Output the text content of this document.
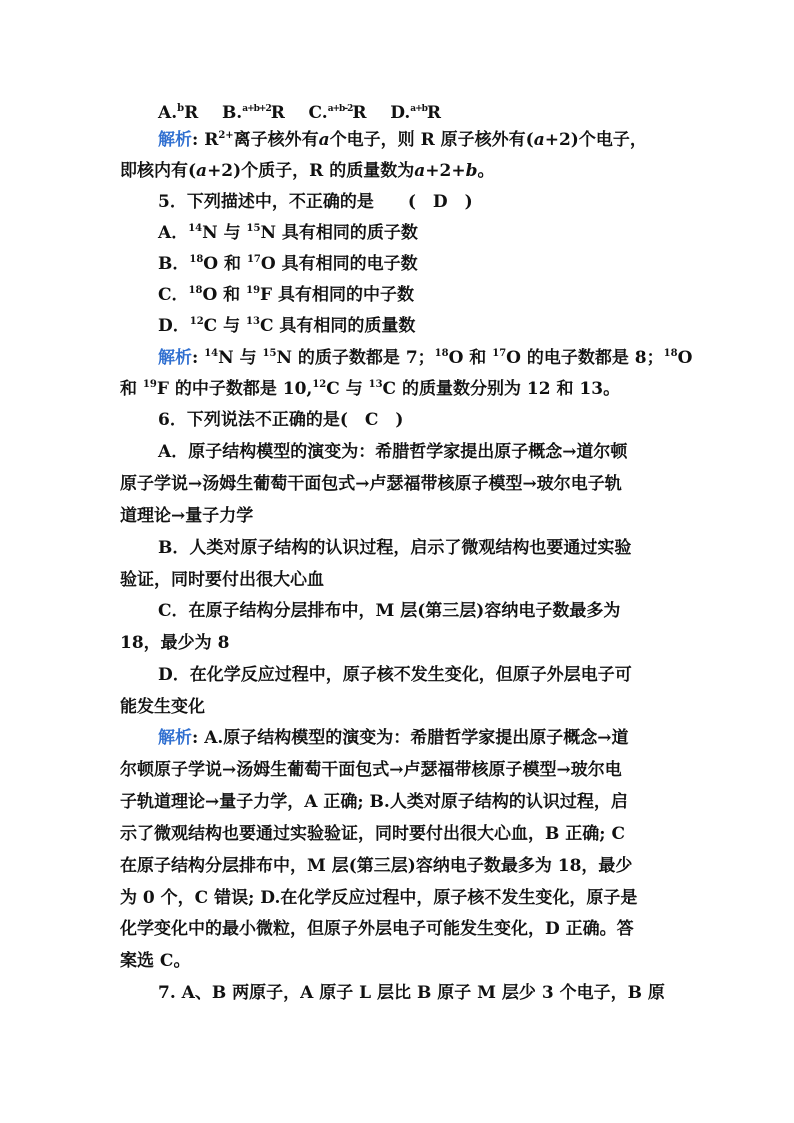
A.$^b$R B.$^{a+b+2}$R C.$^{a+b-2}$R D.$^{a+b}$R
解析: $R^{2+}$离子核外有a个电子，则 R 原子核外有(a+2)个电子，
即核内有(a+2)个质子，R 的质量数为a+2+b。
5．下列描述中，不正确的是　　(　D　)
A．$^{14}$N 与 $^{15}$N 具有相同的质子数
B．$^{18}$O 和 $^{17}$O 具有相同的电子数
C．$^{18}$O 和 $^{19}$F 具有相同的中子数
D．$^{12}$C 与 $^{13}$C 具有相同的质量数
解析: $^{14}$N 与 $^{15}$N 的质子数都是 7；$^{18}$O 和 $^{17}$O 的电子数都是 8；$^{18}$O
和 $^{19}$F 的中子数都是 10,12C 与 $^{13}$C 的质量数分别为 12 和 13。
6．下列说法不正确的是(　C　)
A．原子结构模型的演变为：希腊哲学家提出原子概念→道尔顿
原子学说→汤姆生葡萄干面包式→卢瑟福带核原子模型→玻尔电子轨
道理论→量子力学
B．人类对原子结构的认识过程，启示了微观结构也要通过实验
验证，同时要付出很大心血
C．在原子结构分层排布中，M 层(第三层)容纳电子数最多为
18，最少为 8
D．在化学反应过程中，原子核不发生变化，但原子外层电子可
能发生变化
解析: A.原子结构模型的演变为：希腊哲学家提出原子概念→道
尔顿原子学说→汤姆生葡萄干面包式→卢瑟福带核原子模型→玻尔电
子轨道理论→量子力学，A 正确; B.人类对原子结构的认识过程，启
示了微观结构也要通过实验验证，同时要付出很大心血，B 正确; C
在原子结构分层排布中，M 层(第三层)容纳电子数最多为 18，最少
为 0 个，C 错误; D.在化学反应过程中，原子核不发生变化，原子是
化学变化中的最小微粒，但原子外层电子可能发生变化，D 正确。答
案选 C。
7. A、B 两原子，A 原子 L 层比 B 原子 M 层少 3 个电子，B 原
